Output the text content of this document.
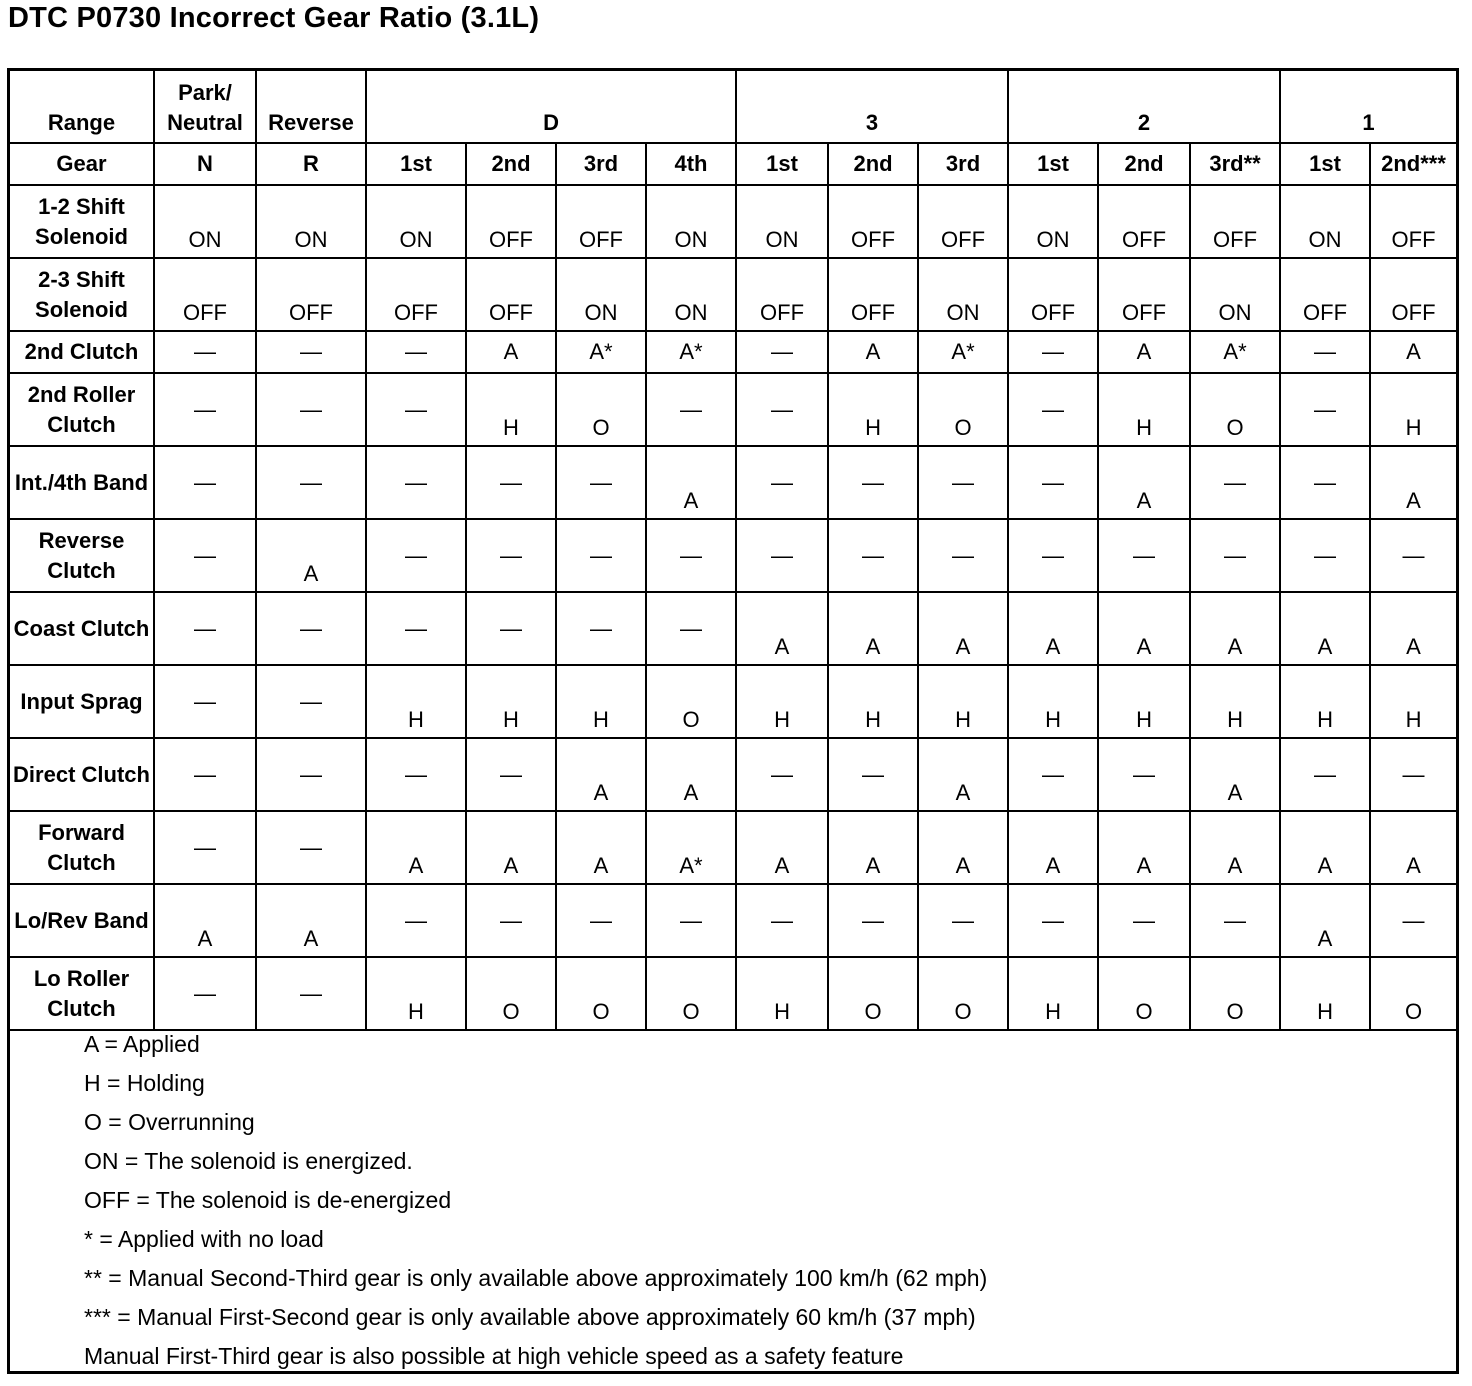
DTC P0730 Incorrect Gear Ratio (3.1L)
Range	Park/ Neutral	Reverse	D				3			2			1	
Gear	N	R	1st	2nd	3rd	4th	1st	2nd	3rd	1st	2nd	3rd**	1st	2nd***
1-2 Shift Solenoid	ON	ON	ON	OFF	OFF	ON	ON	OFF	OFF	ON	OFF	OFF	ON	OFF
2-3 Shift Solenoid	OFF	OFF	OFF	OFF	ON	ON	OFF	OFF	ON	OFF	OFF	ON	OFF	OFF
2nd Clutch	—	—	—	A	A*	A*	—	A	A*	—	A	A*	—	A
2nd Roller Clutch	—	—	—	H	O	—	—	H	O	—	H	O	—	H
Int./4th Band	—	—	—	—	—	A	—	—	—	—	A	—	—	A
Reverse Clutch	—	A	—	—	—	—	—	—	—	—	—	—	—	—
Coast Clutch	—	—	—	—	—	—	A	A	A	A	A	A	A	A
Input Sprag	—	—	H	H	H	O	H	H	H	H	H	H	H	H
Direct Clutch	—	—	—	—	A	A	—	—	A	—	—	A	—	—
Forward Clutch	—	—	A	A	A	A*	A	A	A	A	A	A	A	A
Lo/Rev Band	A	A	—	—	—	—	—	—	—	—	—	—	A	—
Lo Roller Clutch	—	—	H	O	O	O	H	O	O	H	O	O	H	O
A = Applied
H = Holding
O = Overrunning
ON = The solenoid is energized.
OFF = The solenoid is de-energized
* = Applied with no load
** = Manual Second-Third gear is only available above approximately 100 km/h (62 mph)
*** = Manual First-Second gear is only available above approximately 60 km/h (37 mph)
Manual First-Third gear is also possible at high vehicle speed as a safety feature
